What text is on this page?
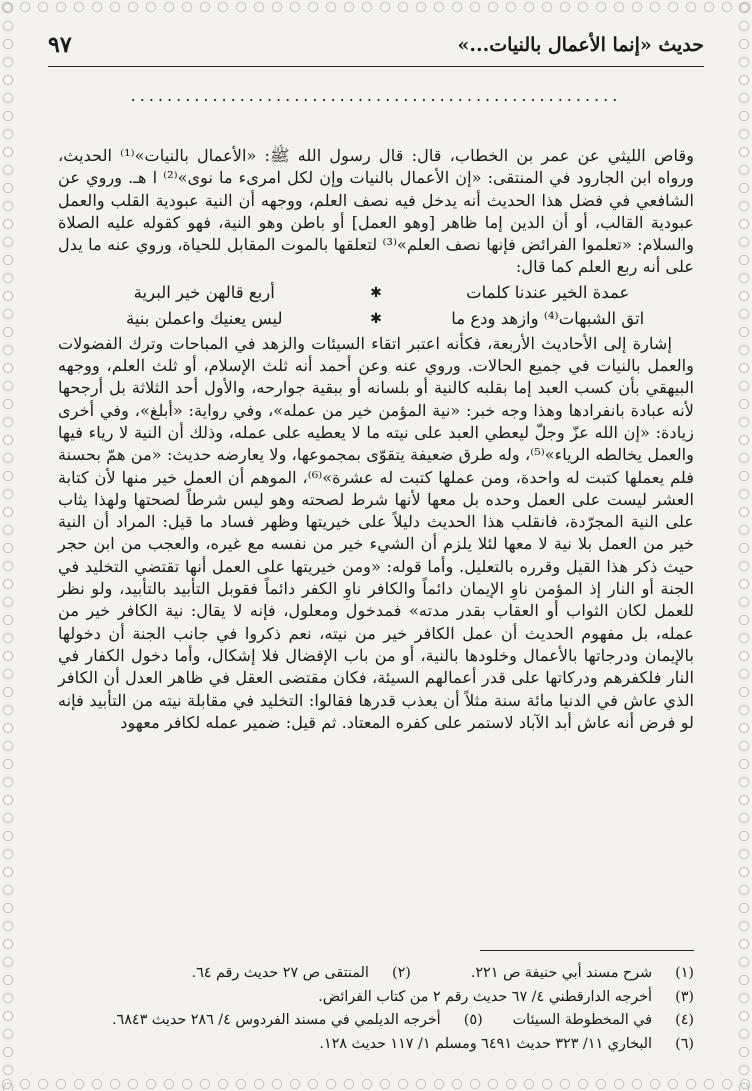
حديث «إنما الأعمال بالنيات...»
٩٧
......................................................

وقاص الليثي عن عمر بن الخطاب، قال: قال رسول الله ﷺ: «الأعمال بالنيات»⁽¹⁾ الحديث، ورواه ابن الجارود في المنتقى: «إن الأعمال بالنيات وإن لكل امرىء ما نوى»⁽²⁾ ا هـ. وروي عن الشافعي في فضل هذا الحديث أنه يدخل فيه نصف العلم، ووجهه أن النية عبودية القلب والعمل عبودية القالب، أو أن الدين إما ظاهر [وهو العمل] أو باطن وهو النية، فهو كقوله عليه الصلاة والسلام: «تعلموا الفرائض فإنها نصف العلم»⁽³⁾ لتعلقها بالموت المقابل للحياة، وروي عنه ما يدل على أنه ربع العلم كما قال:

عمدة الخير عندنا كلمات
✱
أربع قالهن خير البرية
اتق الشبهات⁽⁴⁾ وازهد ودع ما
✱
ليس يعنيك واعملن بنية

إشارة إلى الأحاديث الأربعة، فكأنه اعتبر اتقاء السيئات والزهد في المباحات وترك الفضولات والعمل بالنيات في جميع الحالات. وروي عنه وعن أحمد أنه ثلث الإسلام، أو ثلث العلم، ووجهه البيهقي بأن كسب العبد إما بقلبه كالنية أو بلسانه أو ببقية جوارحه، والأول أحد الثلاثة بل أرجحها لأنه عبادة بانفرادها وهذا وجه خبر: «نية المؤمن خير من عمله»، وفي رواية: «أبلغ»، وفي أخرى زيادة: «إن الله عزّ وجلّ ليعطي العبد على نيته ما لا يعطيه على عمله، وذلك أن النية لا رياء فيها والعمل يخالطه الرياء»⁽⁵⁾، وله طرق ضعيفة يتقوّى بمجموعها، ولا يعارضه حديث: «من همّ بحسنة فلم يعملها كتبت له واحدة، ومن عملها كتبت له عشرة»⁽⁶⁾، الموهم أن العمل خير منها لأن كتابة العشر ليست على العمل وحده بل معها لأنها شرط لصحته وهو ليس شرطاً لصحتها ولهذا يثاب على النية المجرّدة، فانقلب هذا الحديث دليلاً على خيريتها وظهر فساد ما قيل: المراد أن النية خير من العمل بلا نية لا معها لئلا يلزم أن الشيء خير من نفسه مع غيره، والعجب من ابن حجر حيث ذكر هذا القيل وقرره بالتعليل. وأما قوله: «ومن خيريتها على العمل أنها تقتضي التخليد في الجنة أو النار إذ المؤمن ناوِ الإيمان دائماً والكافر ناوِ الكفر دائماً فقوبل التأبيد بالتأبيد، ولو نظر للعمل لكان الثواب أو العقاب بقدر مدته» فمدخول ومعلول، فإنه لا يقال: نية الكافر خير من عمله، بل مفهوم الحديث أن عمل الكافر خير من نيته، نعم ذكروا في جانب الجنة أن دخولها بالإيمان ودرجاتها بالأعمال وخلودها بالنية، أو من باب الإفضال فلا إشكال، وأما دخول الكفار في النار فلكفرهم ودركاتها على قدر أعمالهم السيئة، فكان مقتضى العقل في ظاهر العدل أن الكافر الذي عاش في الدنيا مائة سنة مثلاً أن يعذب قدرها فقالوا: التخليد في مقابلة نيته من التأبيد فإنه لو فرض أنه عاش أبد الآباد لاستمر على كفره المعتاد. ثم قيل: ضمير عمله لكافر معهود

(١)
شرح مسند أبي حنيفة ص ٢٢١.
(٢)
المنتقى ص ٢٧ حديث رقم ٦٤.
(٣)
أخرجه الدارقطني ٤/ ٦٧ حديث رقم ٢ من كتاب الفرائض.
(٤)
في المخطوطة السيئات
(٥)
أخرجه الديلمي في مسند الفردوس ٤/ ٢٨٦ حديث ٦٨٤٣.
(٦)
البخاري ١١/ ٣٢٣ حديث ٦٤٩١ ومسلم ١/ ١١٧ حديث ١٢٨.
